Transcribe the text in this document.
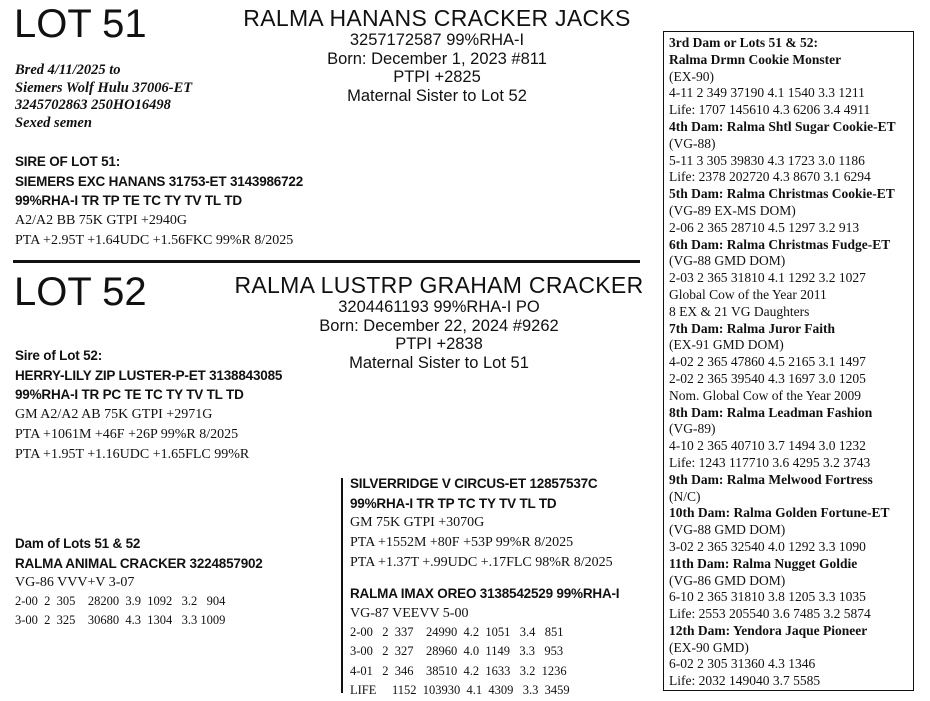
LOT 51	RALMA HANANS CRACKER JACKS
3257172587 99%RHA-I
Born: December 1, 2023 #811
PTPI +2825
Maternal Sister to Lot 52
Bred 4/11/2025 to
Siemers Wolf Hulu 37006-ET
3245702863 250HO16498
Sexed semen
SIRE OF LOT 51:
SIEMERS EXC HANANS 31753-ET 3143986722
99%RHA-I TR TP TE TC TY TV TL TD
A2/A2 BB 75K GTPI +2940G
PTA +2.95T +1.64UDC +1.56FKC 99%R 8/2025
LOT 52	RALMA LUSTRP GRAHAM CRACKER
3204461193 99%RHA-I PO
Born: December 22, 2024 #9262
PTPI +2838
Maternal Sister to Lot 51
Sire of Lot 52:
HERRY-LILY ZIP LUSTER-P-ET 3138843085
99%RHA-I TR PC TE TC TY TV TL TD
GM A2/A2 AB 75K GTPI +2971G
PTA +1061M +46F +26P 99%R 8/2025
PTA +1.95T +1.16UDC +1.65FLC 99%R
Dam of Lots 51 & 52
RALMA ANIMAL CRACKER 3224857902
VG-86 VVV+V 3-07
2-00  2  305    28200  3.9  1092   3.2   904
3-00  2  325    30680  4.3  1304   3.3 1009
SILVERRIDGE V CIRCUS-ET 12857537C
99%RHA-I TR TP TC TY TV TL TD
GM 75K GTPI +3070G
PTA +1552M +80F +53P 99%R 8/2025
PTA +1.37T +.99UDC +.17FLC 98%R 8/2025
RALMA IMAX OREO 3138542529 99%RHA-I
VG-87 VEEVV 5-00
2-00   2  337    24990  4.2  1051   3.4   851
3-00   2  327    28960  4.0  1149   3.3   953
4-01   2  346    38510  4.2  1633   3.2  1236
LIFE     1152  103930  4.1  4309   3.3  3459
3rd Dam or Lots 51 & 52:
Ralma Drmn Cookie Monster
(EX-90)
4-11 2 349 37190 4.1 1540 3.3 1211
Life: 1707 145610 4.3 6206 3.4 4911
4th Dam: Ralma Shtl Sugar Cookie-ET
(VG-88)
5-11 3 305 39830 4.3 1723 3.0 1186
Life: 2378 202720 4.3 8670 3.1 6294
5th Dam: Ralma Christmas Cookie-ET
(VG-89 EX-MS DOM)
2-06 2 365 28710 4.5 1297 3.2 913
6th Dam: Ralma Christmas Fudge-ET
(VG-88 GMD DOM)
2-03 2 365 31810 4.1 1292 3.2 1027
Global Cow of the Year 2011
8 EX & 21 VG Daughters
7th Dam: Ralma Juror Faith
(EX-91 GMD DOM)
4-02 2 365 47860 4.5 2165 3.1 1497
2-02 2 365 39540 4.3 1697 3.0 1205
Nom. Global Cow of the Year 2009
8th Dam: Ralma Leadman Fashion
(VG-89)
4-10 2 365 40710 3.7 1494 3.0 1232
Life: 1243 117710 3.6 4295 3.2 3743
9th Dam: Ralma Melwood Fortress
(N/C)
10th Dam: Ralma Golden Fortune-ET
(VG-88 GMD DOM)
3-02 2 365 32540 4.0 1292 3.3 1090
11th Dam: Ralma Nugget Goldie
(VG-86 GMD DOM)
6-10 2 365 31810 3.8 1205 3.3 1035
Life: 2553 205540 3.6 7485 3.2 5874
12th Dam: Yendora Jaque Pioneer
(EX-90 GMD)
6-02 2 305 31360 4.3 1346
Life: 2032 149040 3.7 5585
